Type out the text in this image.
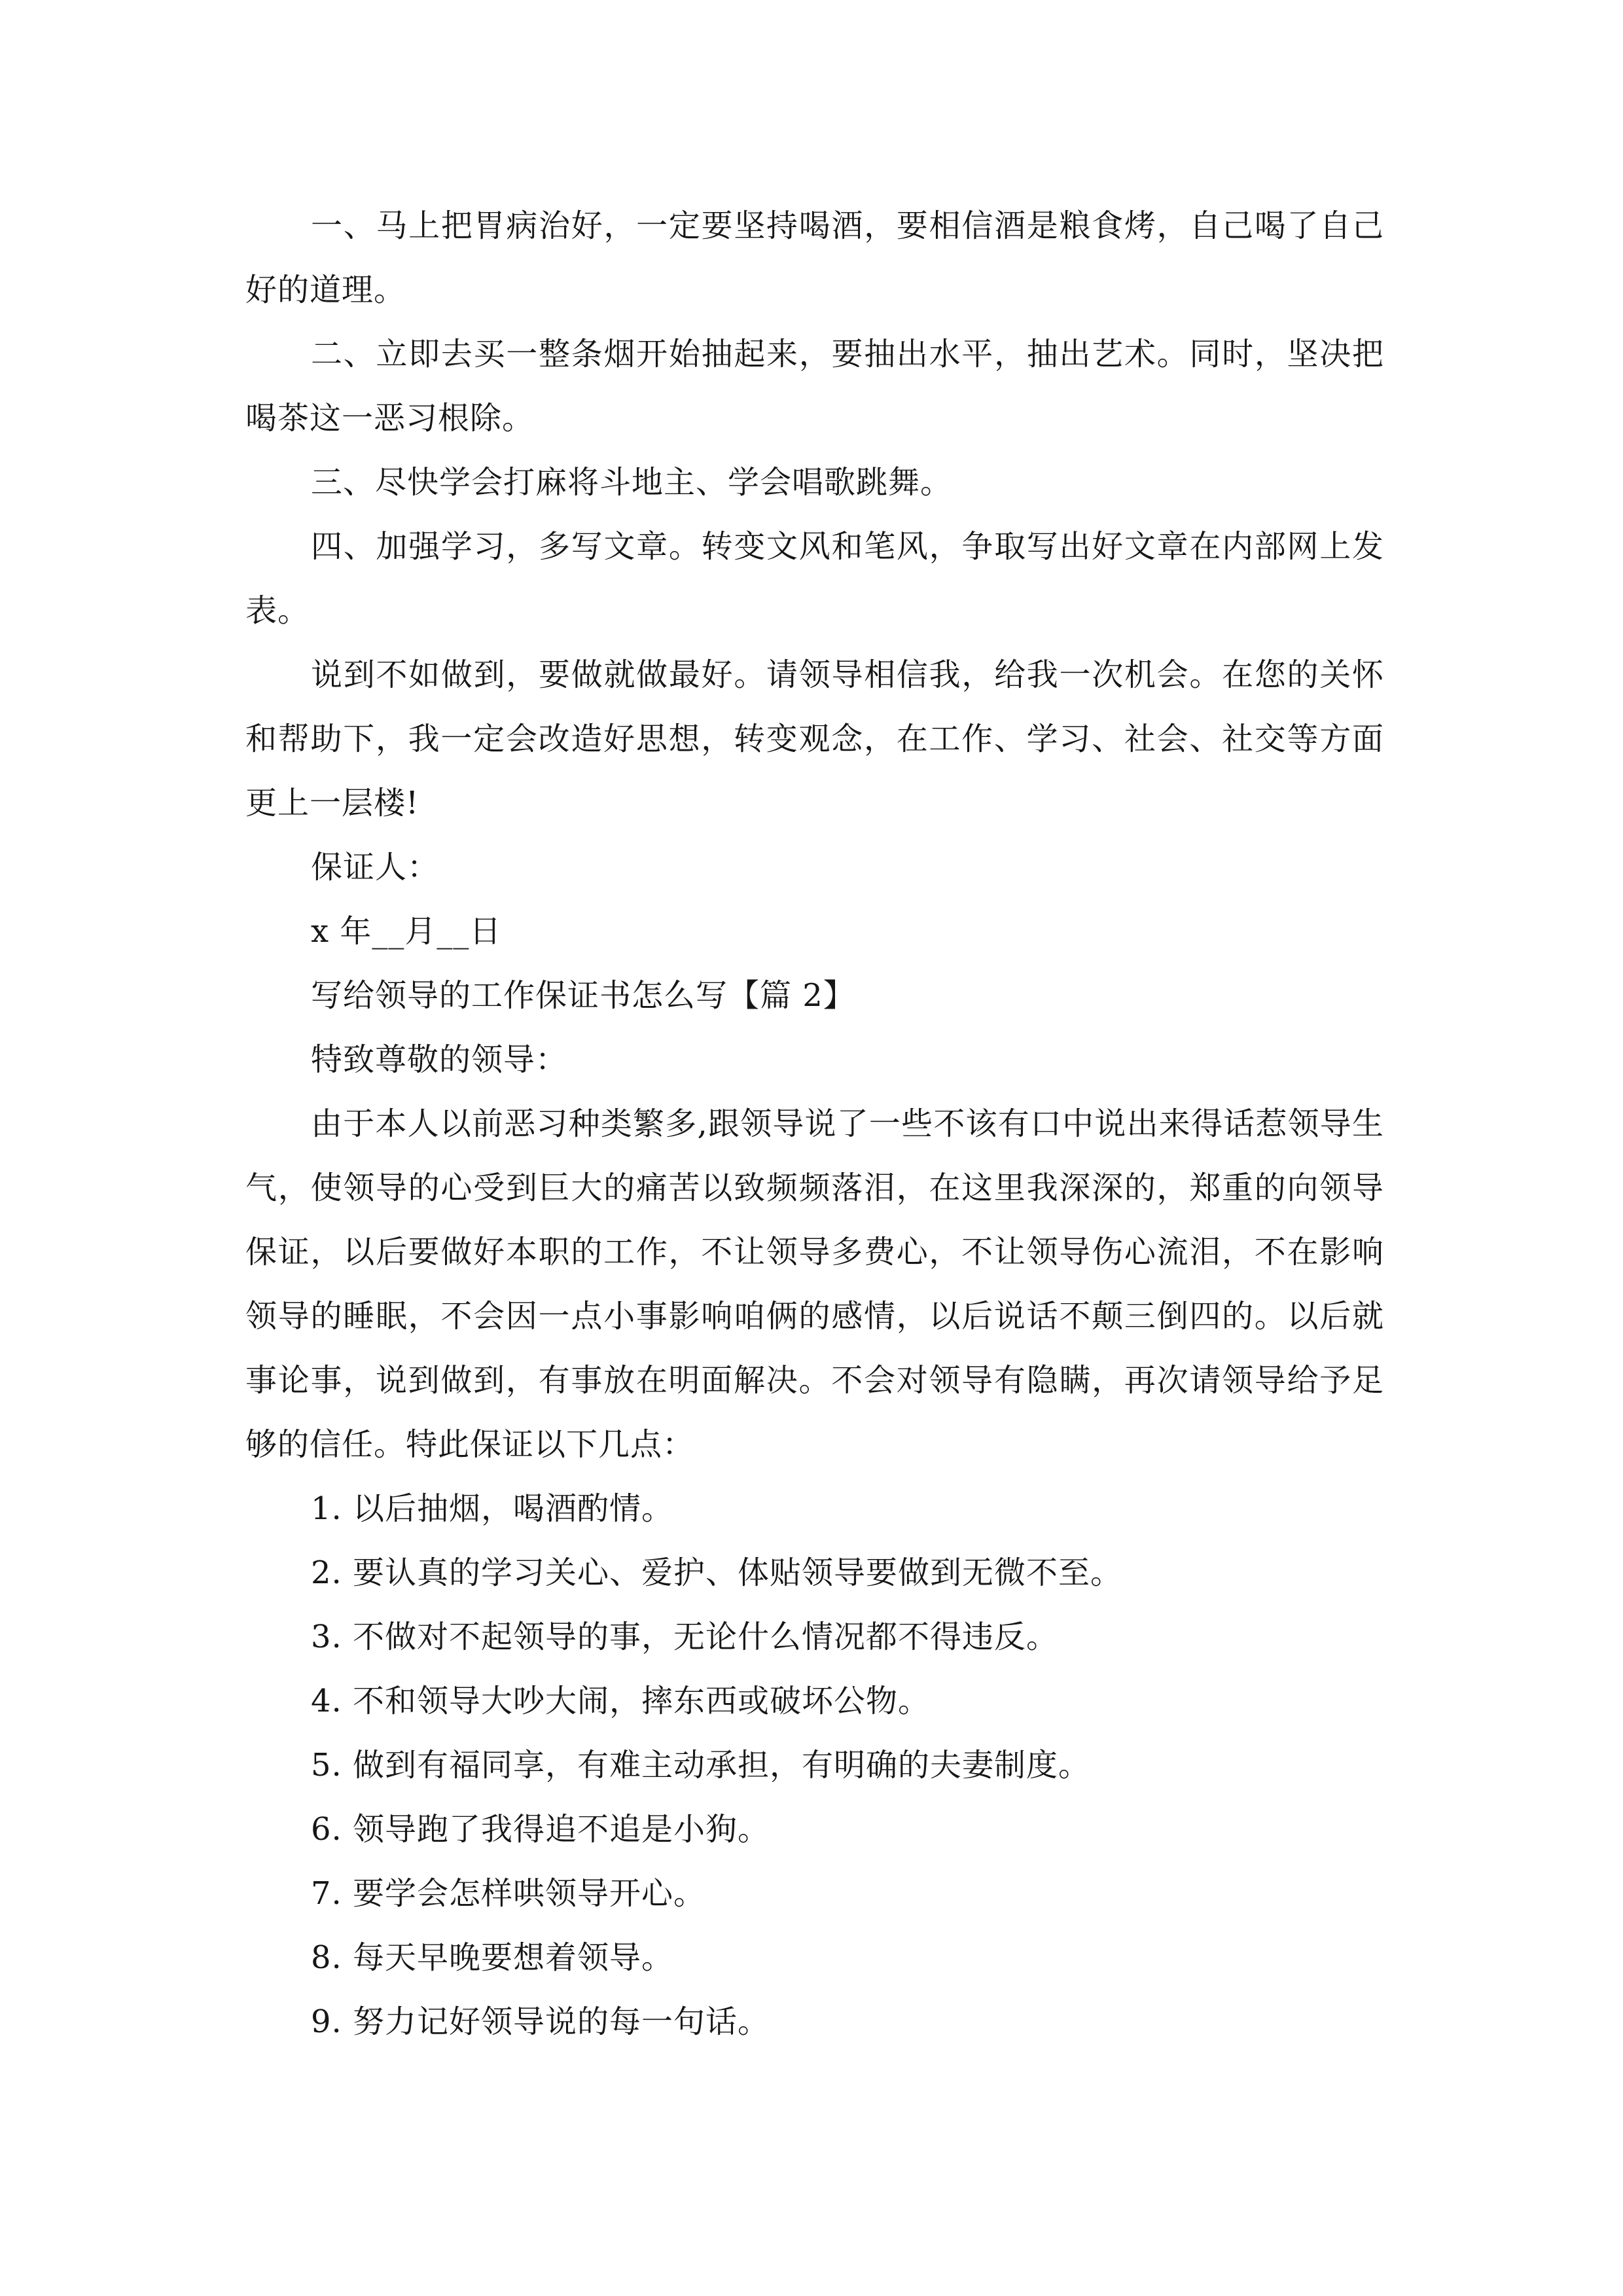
一、马上把胃病治好，一定要坚持喝酒，要相信酒是粮食烤，自己喝了自己好的道理。

二、立即去买一整条烟开始抽起来，要抽出水平，抽出艺术。同时，坚决把喝茶这一恶习根除。

三、尽快学会打麻将斗地主、学会唱歌跳舞。

四、加强学习，多写文章。转变文风和笔风，争取写出好文章在内部网上发表。

说到不如做到，要做就做最好。请领导相信我，给我一次机会。在您的关怀和帮助下，我一定会改造好思想，转变观念，在工作、学习、社会、社交等方面更上一层楼!

保证人：

x 年__月__日

写给领导的工作保证书怎么写【篇 2】

特致尊敬的领导：

由于本人以前恶习种类繁多,跟领导说了一些不该有口中说出来得话惹领导生气，使领导的心受到巨大的痛苦以致频频落泪，在这里我深深的，郑重的向领导保证，以后要做好本职的工作，不让领导多费心，不让领导伤心流泪，不在影响领导的睡眠，不会因一点小事影响咱俩的感情，以后说话不颠三倒四的。以后就事论事，说到做到，有事放在明面解决。不会对领导有隐瞒，再次请领导给予足够的信任。特此保证以下几点：

1. 以后抽烟，喝酒酌情。

2. 要认真的学习关心、爱护、体贴领导要做到无微不至。

3. 不做对不起领导的事，无论什么情况都不得违反。

4. 不和领导大吵大闹，摔东西或破坏公物。

5. 做到有福同享，有难主动承担，有明确的夫妻制度。

6. 领导跑了我得追不追是小狗。

7. 要学会怎样哄领导开心。

8. 每天早晚要想着领导。

9. 努力记好领导说的每一句话。
